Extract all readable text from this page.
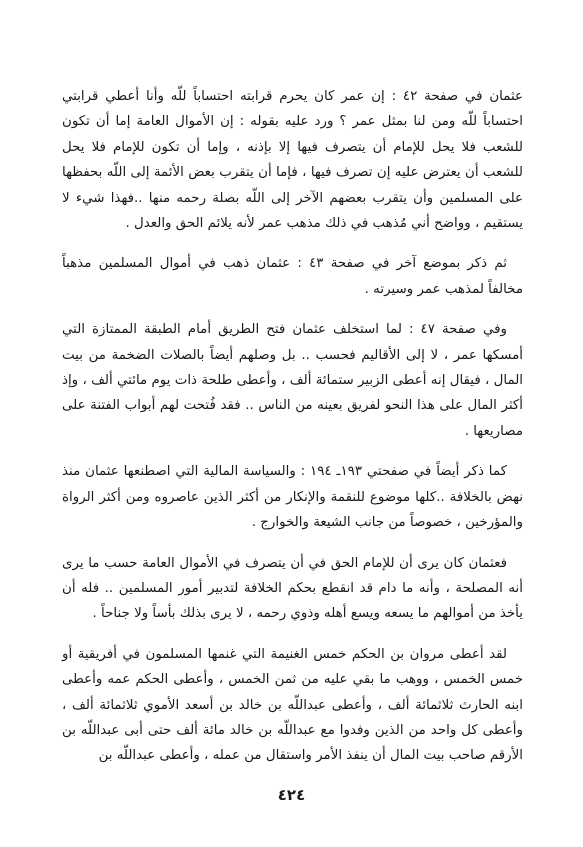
عثمان في صفحة ٤٢ : إن عمر كان يحرم قرابته احتساباً للّه وأنا أعطي قرابتي احتساباً للّه ومن لنا بمثل عمر ؟ ورد عليه بقوله : إن الأموال العامة إما أن تكون للشعب فلا يحل للإمام أن يتصرف فيها إلا بإذنه ، وإما أن تكون للإمام فلا يحل للشعب أن يعترض عليه إن تصرف فيها ، فإما أن يتقرب بعض الأئمة إلى اللّه بحفظها على المسلمين وأن يتقرب بعضهم الآخر إلى اللّه بصلة رحمه منها ..فهذا شيء لا يستقيم ، وواضح أني مُذهب في ذلك مذهب عمر لأنه يلائم الحق والعدل .

ثم ذكر بموضع آخر في صفحة ٤٣ : عثمان ذهب في أموال المسلمين مذهباً مخالفاً لمذهب عمر وسيرته .

وفي صفحة ٤٧ : لما استخلف عثمان فتح الطريق أمام الطبقة الممتازة التي أمسكها عمر ، لا إلى الأقاليم فحسب .. بل وصلهم أيضاً بالصلات الضخمة من بيت المال ، فيقال إنه أعطى الزبير ستمائة ألف ، وأعطى طلحة ذات يوم مائتي ألف ، وإذ أكثر المال على هذا النحو لفريق بعينه من الناس .. فقد فُتحت لهم أبواب الفتنة على مصاريعها .

كما ذكر أيضاً في صفحتي ١٩٣ـ ١٩٤ : والسياسة المالية التي اصطنعها عثمان منذ نهض بالخلافة ..كلها موضوع للنقمة والإنكار من أكثر الذين عاصروه ومن أكثر الرواة والمؤرخين ، خصوصاً من جانب الشيعة والخوارج .

فعثمان كان يرى أن للإمام الحق في أن يتصرف في الأموال العامة حسب ما يرى أنه المصلحة ، وأنه ما دام قد انقطع بحكم الخلافة لتدبير أمور المسلمين .. فله أن يأخذ من أموالهم ما يسعه ويسع أهله وذوي رحمه ، لا يرى بذلك بأساً ولا جناحاً .

لقد أعطى مروان بن الحكم خمس الغنيمة التي غنمها المسلمون في أفريقية أو خمس الخمس ، ووهب ما بقي عليه من ثمن الخمس ، وأعطى الحكم عمه وأعطى ابنه الحارث ثلاثمائة ألف ، وأعطى عبداللّه بن خالد بن أسعد الأموي ثلاثمائة ألف ، وأعطى كل واحد من الذين وفدوا مع عبداللّه بن خالد مائة ألف حتى أبى عبداللّه بن الأرقم صاحب بيت المال أن ينفذ الأمر واستقال من عمله ، وأعطى عبداللّه بن

٤٢٤
